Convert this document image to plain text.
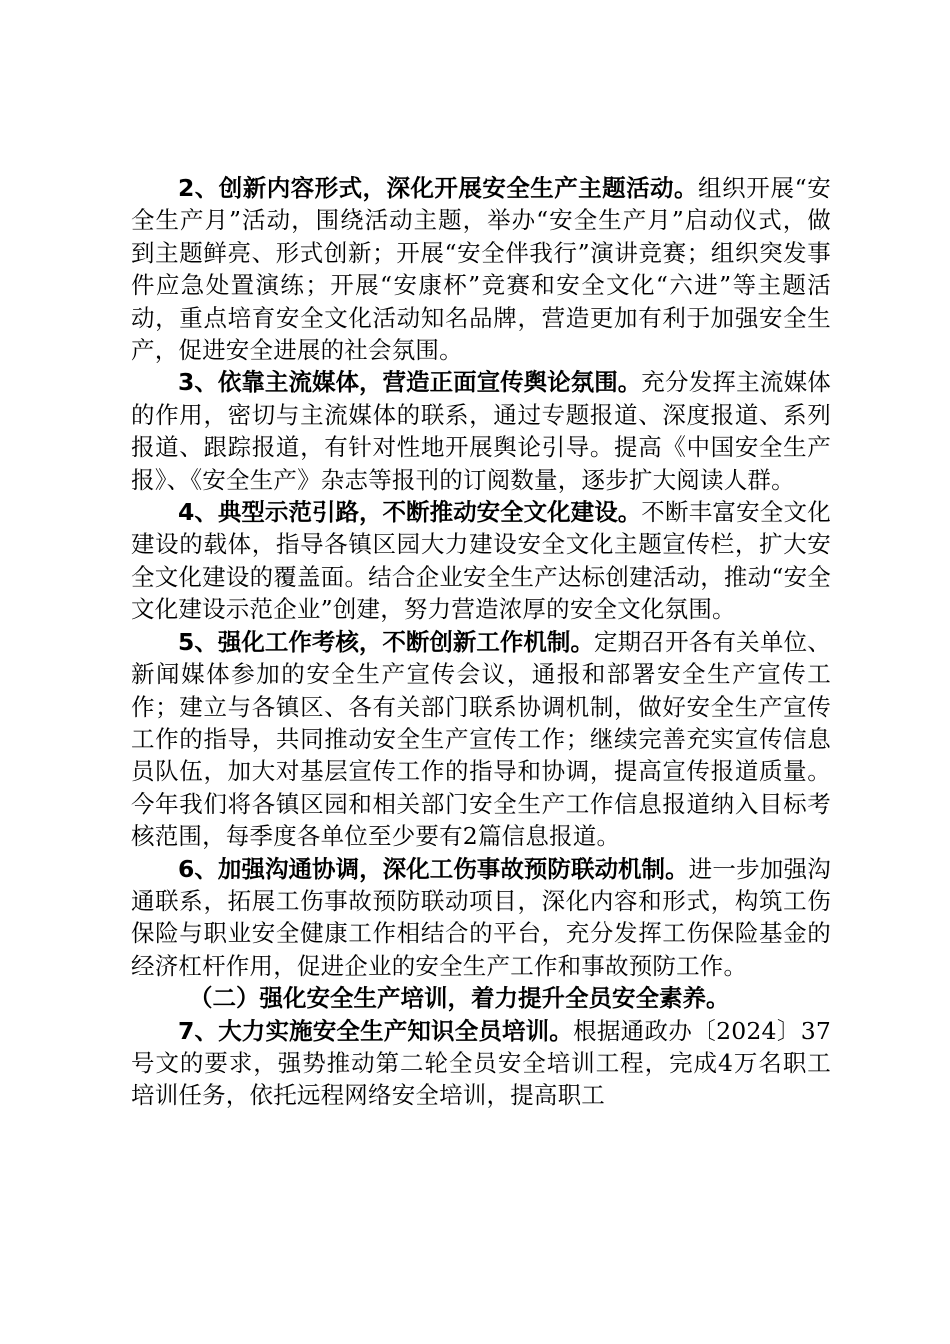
2、创新内容形式，深化开展安全生产主题活动。组织开展“安全生产月”活动，围绕活动主题，举办“安全生产月”启动仪式，做到主题鲜亮、形式创新；开展“安全伴我行”演讲竞赛；组织突发事件应急处置演练；开展“安康杯”竞赛和安全文化“六进”等主题活动，重点培育安全文化活动知名品牌，营造更加有利于加强安全生产，促进安全进展的社会氛围。

3、依靠主流媒体，营造正面宣传舆论氛围。充分发挥主流媒体的作用，密切与主流媒体的联系，通过专题报道、深度报道、系列报道、跟踪报道，有针对性地开展舆论引导。提高《中国安全生产报》、《安全生产》杂志等报刊的订阅数量，逐步扩大阅读人群。

4、典型示范引路，不断推动安全文化建设。不断丰富安全文化建设的载体，指导各镇区园大力建设安全文化主题宣传栏，扩大安全文化建设的覆盖面。结合企业安全生产达标创建活动，推动“安全文化建设示范企业”创建，努力营造浓厚的安全文化氛围。

5、强化工作考核，不断创新工作机制。定期召开各有关单位、新闻媒体参加的安全生产宣传会议，通报和部署安全生产宣传工作；建立与各镇区、各有关部门联系协调机制，做好安全生产宣传工作的指导，共同推动安全生产宣传工作；继续完善充实宣传信息员队伍，加大对基层宣传工作的指导和协调，提高宣传报道质量。今年我们将各镇区园和相关部门安全生产工作信息报道纳入目标考核范围，每季度各单位至少要有2篇信息报道。

6、加强沟通协调，深化工伤事故预防联动机制。进一步加强沟通联系，拓展工伤事故预防联动项目，深化内容和形式，构筑工伤保险与职业安全健康工作相结合的平台，充分发挥工伤保险基金的经济杠杆作用，促进企业的安全生产工作和事故预防工作。

（二）强化安全生产培训，着力提升全员安全素养。

7、大力实施安全生产知识全员培训。根据通政办〔2024〕37号文的要求，强势推动第二轮全员安全培训工程，完成4万名职工培训任务，依托远程网络安全培训，提高职工
